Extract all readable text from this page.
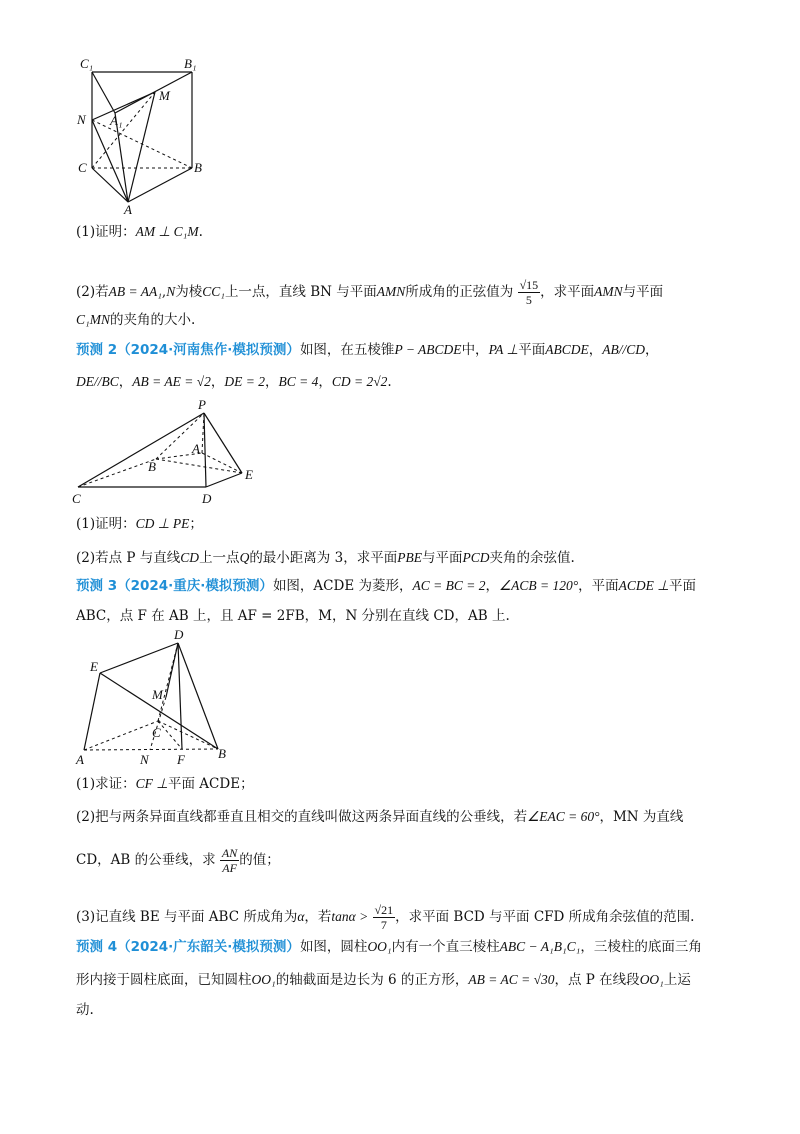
C₁	B₁
M
N A₁
C	B
A
(1)证明：AM ⊥ C₁M.
(2)若AB = AA₁,N为棱CC₁上一点，直线 BN 与平面AMN所成角的正弦值为 $\frac{√15}{5}$ ，求平面AMN与平面
C₁MN的夹角的大小.
预测 2（2024·河南焦作·模拟预测）如图，在五棱锥P − ABCDE中，PA ⊥平面ABCDE，AB//CD，
DE//BC，AB = AE = √2，DE = 2，BC = 4，CD = 2√2.
P
A
B
E
C	D
(1)证明：CD ⊥ PE；
(2)若点 P 与直线CD上一点Q的最小距离为 3，求平面PBE与平面PCD夹角的余弦值.
预测 3（2024·重庆·模拟预测）如图，ACDE 为菱形，AC = BC = 2，∠ACB = 120°，平面ACDE ⊥平面
ABC，点 F 在 AB 上，且 AF = 2FB，M，N 分别在直线 CD，AB 上.
D
E
M
C
A	N F	B
(1)求证：CF ⊥平面 ACDE；
(2)把与两条异面直线都垂直且相交的直线叫做这两条异面直线的公垂线，若∠EAC = 60°，MN 为直线
CD，AB 的公垂线，求 $\frac{AN}{AF}$ 的值；
(3)记直线 BE 与平面 ABC 所成角为α，若$\tan\alpha > \frac{√21}{7}$ ，求平面 BCD 与平面 CFD 所成角余弦值的范围.
预测 4（2024·广东韶关·模拟预测）如图，圆柱OO₁内有一个直三棱柱ABC − A₁B₁C₁，三棱柱的底面三角
形内接于圆柱底面，已知圆柱OO₁的轴截面是边长为 6 的正方形，AB = AC = √30，点 P 在线段OO₁上运
动.
